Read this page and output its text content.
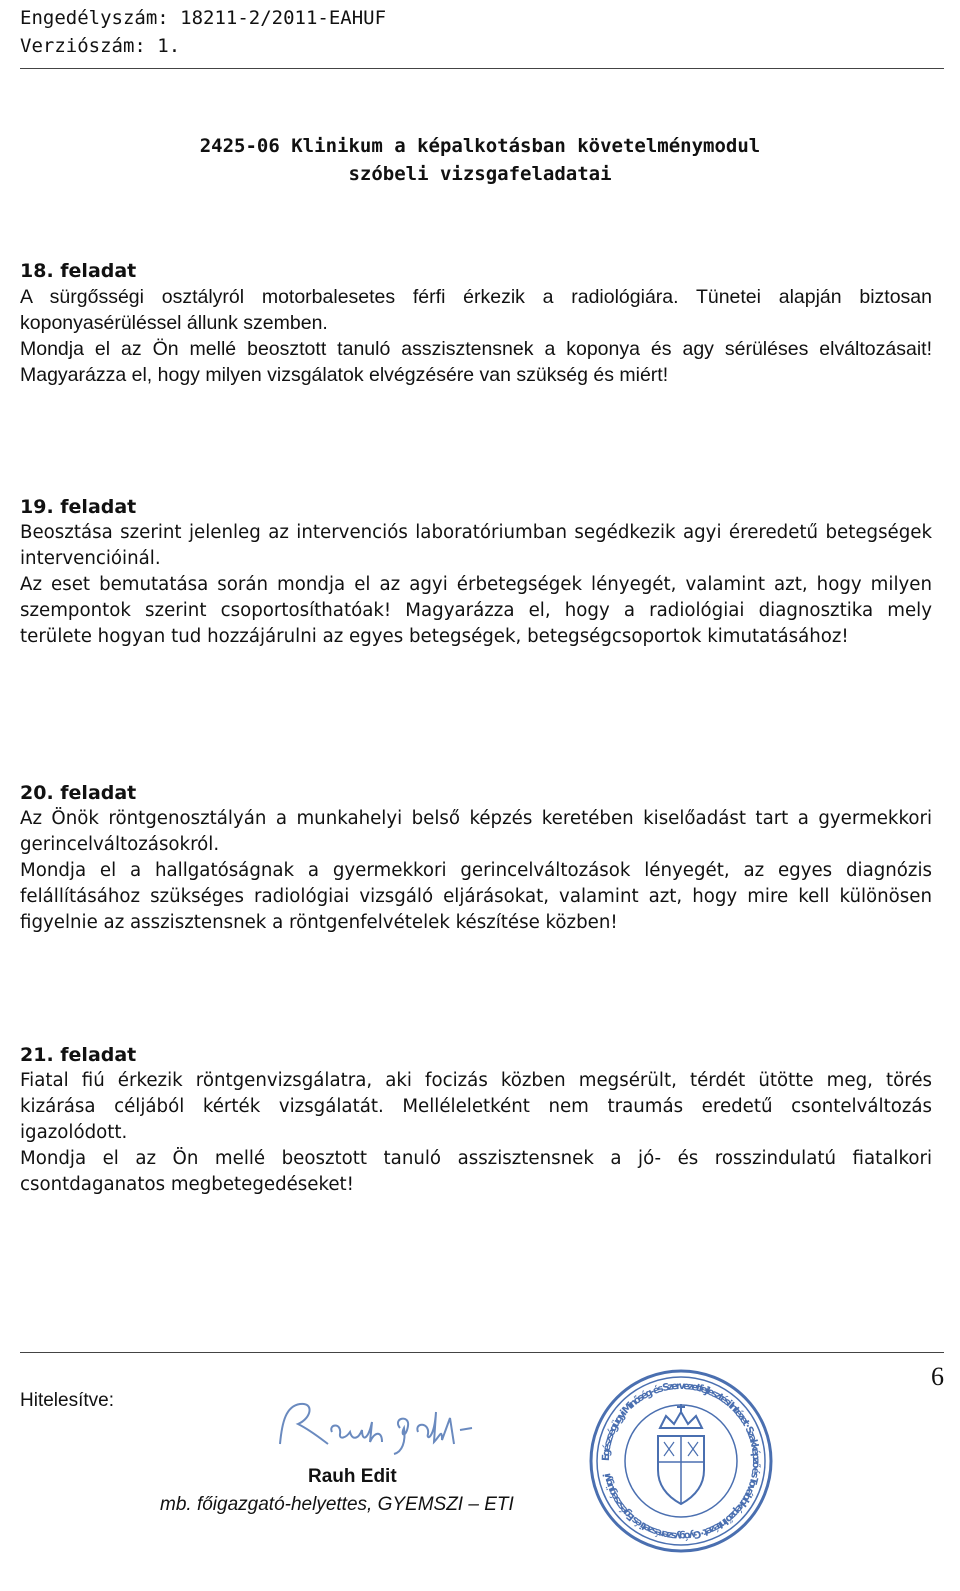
Engedélyszám: 18211-2/2011-EAHUF
Verziószám: 1.
2425-06 Klinikum a képalkotásban követelménymodul
szóbeli vizsgafeladatai
18. feladat
A sürgősségi osztályról motorbalesetes férfi érkezik a radiológiára. Tünetei alapján biztosan koponyasérüléssel állunk szemben.
Mondja el az Ön mellé beosztott tanuló asszisztensnek a koponya és agy sérüléses elváltozásait! Magyarázza el, hogy milyen vizsgálatok elvégzésére van szükség és miért!
19. feladat
Beosztása szerint jelenleg az intervenciós laboratóriumban segédkezik agyi éreredetű betegségek intervencióinál.
Az eset bemutatása során mondja el az agyi érbetegségek lényegét, valamint azt, hogy milyen szempontok szerint csoportosíthatóak! Magyarázza el, hogy a radiológiai diagnosztika mely területe hogyan tud hozzájárulni az egyes betegségek, betegségcsoportok kimutatásához!
20. feladat
Az Önök röntgenosztályán a munkahelyi belső képzés keretében kiselőadást tart a gyermekkori gerincelváltozásokról.
Mondja el a hallgatóságnak a gyermekkori gerincelváltozások lényegét, az egyes diagnózis felállításához szükséges radiológiai vizsgáló eljárásokat, valamint azt, hogy mire kell különösen figyelnie az asszisztensnek a röntgenfelvételek készítése közben!
21. feladat
Fiatal fiú érkezik röntgenvizsgálatra, aki focizás közben megsérült, térdét ütötte meg, törés kizárása céljából kérték vizsgálatát. Melléleletként nem traumás eredetű csontelváltozás igazolódott.
Mondja el az Ön mellé beosztott tanuló asszisztensnek a jó- és rosszindulatú fiatalkori csontdaganatos megbetegedéseket!
6
Hitelesítve:
Rauh Edit
mb. főigazgató-helyettes, GYEMSZI – ETI
Egészségügyi Minőség- és Szervezetfejlesztési Intézet · Szakképző és Továbbképző Intézet · Gyógyszerészeti és Egészségügyi
